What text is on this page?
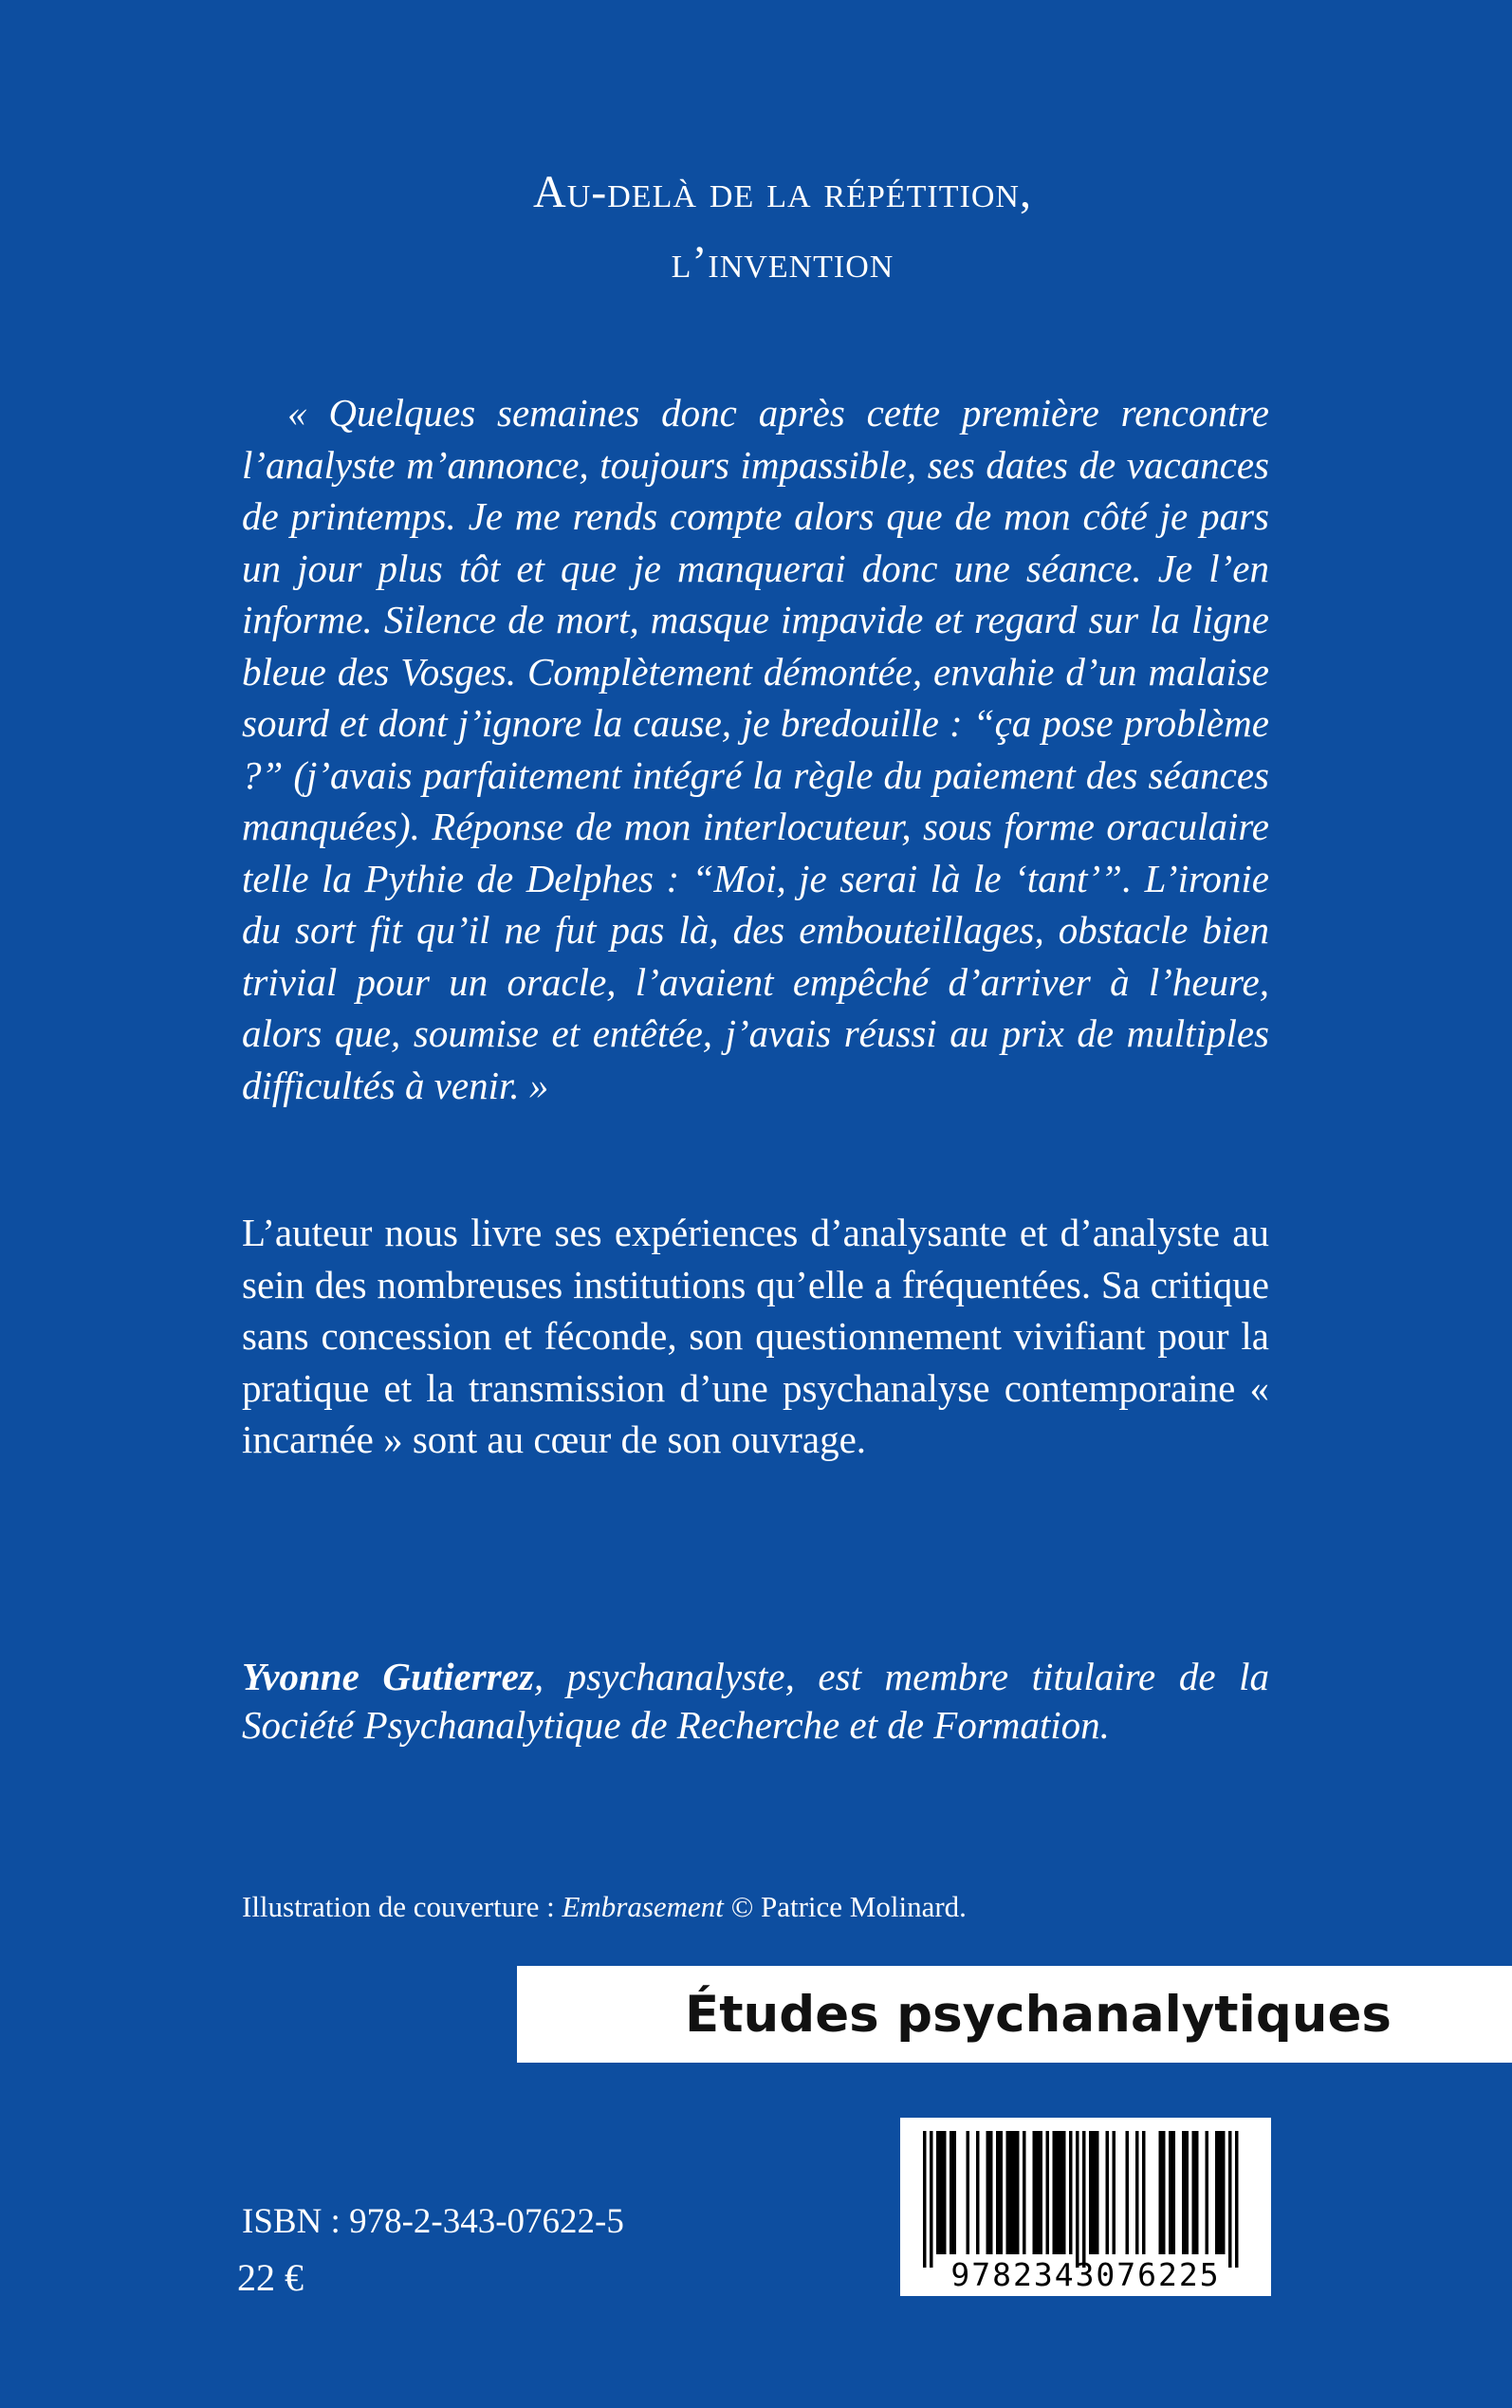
Au-delà de la répétition,
l’invention
« Quelques semaines donc après cette première rencontre l’analyste m’annonce, toujours impassible, ses dates de vacances de printemps. Je me rends compte alors que de mon côté je pars un jour plus tôt et que je manquerai donc une séance. Je l’en informe. Silence de mort, masque impavide et regard sur la ligne bleue des Vosges. Complètement démontée, envahie d’un malaise sourd et dont j’ignore la cause, je bredouille : “ça pose problème ?” (j’avais parfaitement intégré la règle du paiement des séances manquées). Réponse de mon interlocuteur, sous forme oraculaire telle la Pythie de Delphes : “Moi, je serai là le ‘tant’”. L’ironie du sort fit qu’il ne fut pas là, des embouteillages, obstacle bien trivial pour un oracle, l’avaient empêché d’arriver à l’heure, alors que, soumise et entêtée, j’avais réussi au prix de multiples difficultés à venir. »
L’auteur nous livre ses expériences d’analysante et d’analyste au sein des nombreuses institutions qu’elle a fréquentées. Sa critique sans concession et féconde, son questionnement vivifiant pour la pratique et la transmission d’une psychanalyse contemporaine « incarnée » sont au cœur de son ouvrage.
Yvonne Gutierrez, psychanalyste, est membre titulaire de la Société Psychanalytique de Recherche et de Formation.
Illustration de couverture : Embrasement © Patrice Molinard.
Études psychanalytiques
ISBN : 978-2-343-07622-5
22 €	9782343076225
